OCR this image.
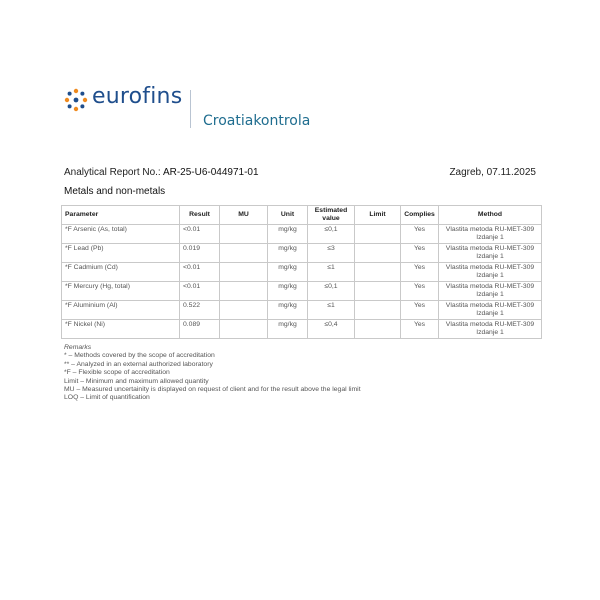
eurofins
Croatiakontrola
Analytical Report No.: AR-25-U6-044971-01	Zagreb, 07.11.2025
Metals and non-metals
Parameter	Result	MU	Unit	Estimated value	Limit	Complies	Method
*F Arsenic (As, total)	<0.01		mg/kg	≤0,1		Yes	Vlastita metoda RU-MET-309
Izdanje 1
*F Lead (Pb)	0.019		mg/kg	≤3		Yes	Vlastita metoda RU-MET-309
Izdanje 1
*F Cadmium (Cd)	<0.01		mg/kg	≤1		Yes	Vlastita metoda RU-MET-309
Izdanje 1
*F Mercury (Hg, total)	<0.01		mg/kg	≤0,1		Yes	Vlastita metoda RU-MET-309
Izdanje 1
*F Aluminium (Al)	0.522		mg/kg	≤1		Yes	Vlastita metoda RU-MET-309
Izdanje 1
*F Nickel (Ni)	0.089		mg/kg	≤0,4		Yes	Vlastita metoda RU-MET-309
Izdanje 1
Remarks
* – Methods covered by the scope of accreditation
** – Analyzed in an external authorized laboratory
*F – Flexible scope of accreditation
Limit – Minimum and maximum allowed quantity
MU – Measured uncertainity is displayed on request of client and for the result above the legal limit
LOQ – Limit of quantification
